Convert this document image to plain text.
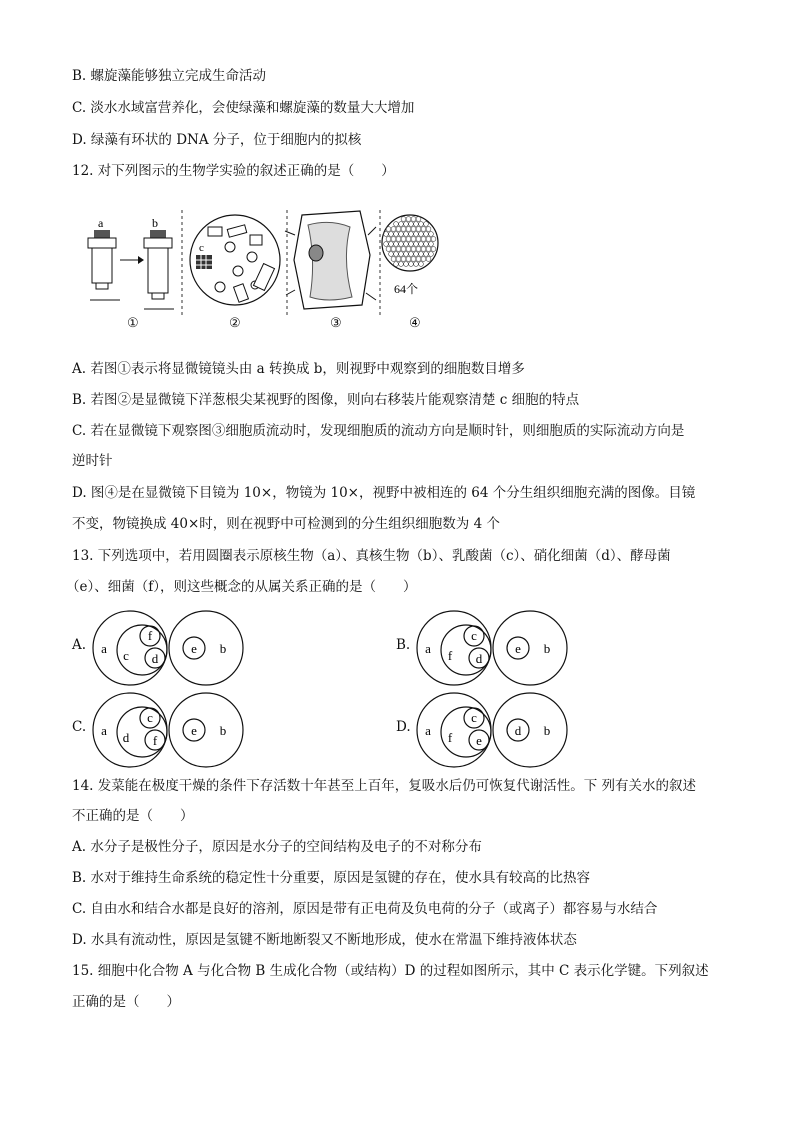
B. 螺旋藻能够独立完成生命活动
C. 淡水水域富营养化，会使绿藻和螺旋藻的数量大大增加
D. 绿藻有环状的 DNA 分子，位于细胞内的拟核
12. 对下列图示的生物学实验的叙述正确的是（　　）
a	b
c
64个
①	②	③	④
A. 若图①表示将显微镜镜头由 a 转换成 b，则视野中观察到的细胞数目增多
B. 若图②是显微镜下洋葱根尖某视野的图像，则向右移装片能观察清楚 c 细胞的特点
C. 若在显微镜下观察图③细胞质流动时，发现细胞质的流动方向是顺时针，则细胞质的实际流动方向是
逆时针
D. 图④是在显微镜下目镜为 10×，物镜为 10×，视野中被相连的 64 个分生组织细胞充满的图像。目镜
不变，物镜换成 40×时，则在视野中可检测到的分生组织细胞数为 4 个
13. 下列选项中，若用圆圈表示原核生物（a）、真核生物（b）、乳酸菌（c）、硝化细菌（d）、酵母菌
（e）、细菌（f），则这些概念的从属关系正确的是（　　）
A. a c
f
d
e b	B. a f
c
d
e b
C. a d
c
f
e b	D. a f
c
e
d b
14. 发菜能在极度干燥的条件下存活数十年甚至上百年，复吸水后仍可恢复代谢活性。下 列有关水的叙述
不正确的是（　　）
A. 水分子是极性分子，原因是水分子的空间结构及电子的不对称分布
B. 水对于维持生命系统的稳定性十分重要，原因是氢键的存在，使水具有较高的比热容
C. 自由水和结合水都是良好的溶剂，原因是带有正电荷及负电荷的分子（或离子）都容易与水结合
D. 水具有流动性，原因是氢键不断地断裂又不断地形成，使水在常温下维持液体状态
15. 细胞中化合物 A 与化合物 B 生成化合物（或结构）D 的过程如图所示，其中 C 表示化学键。下列叙述
正确的是（　　）
